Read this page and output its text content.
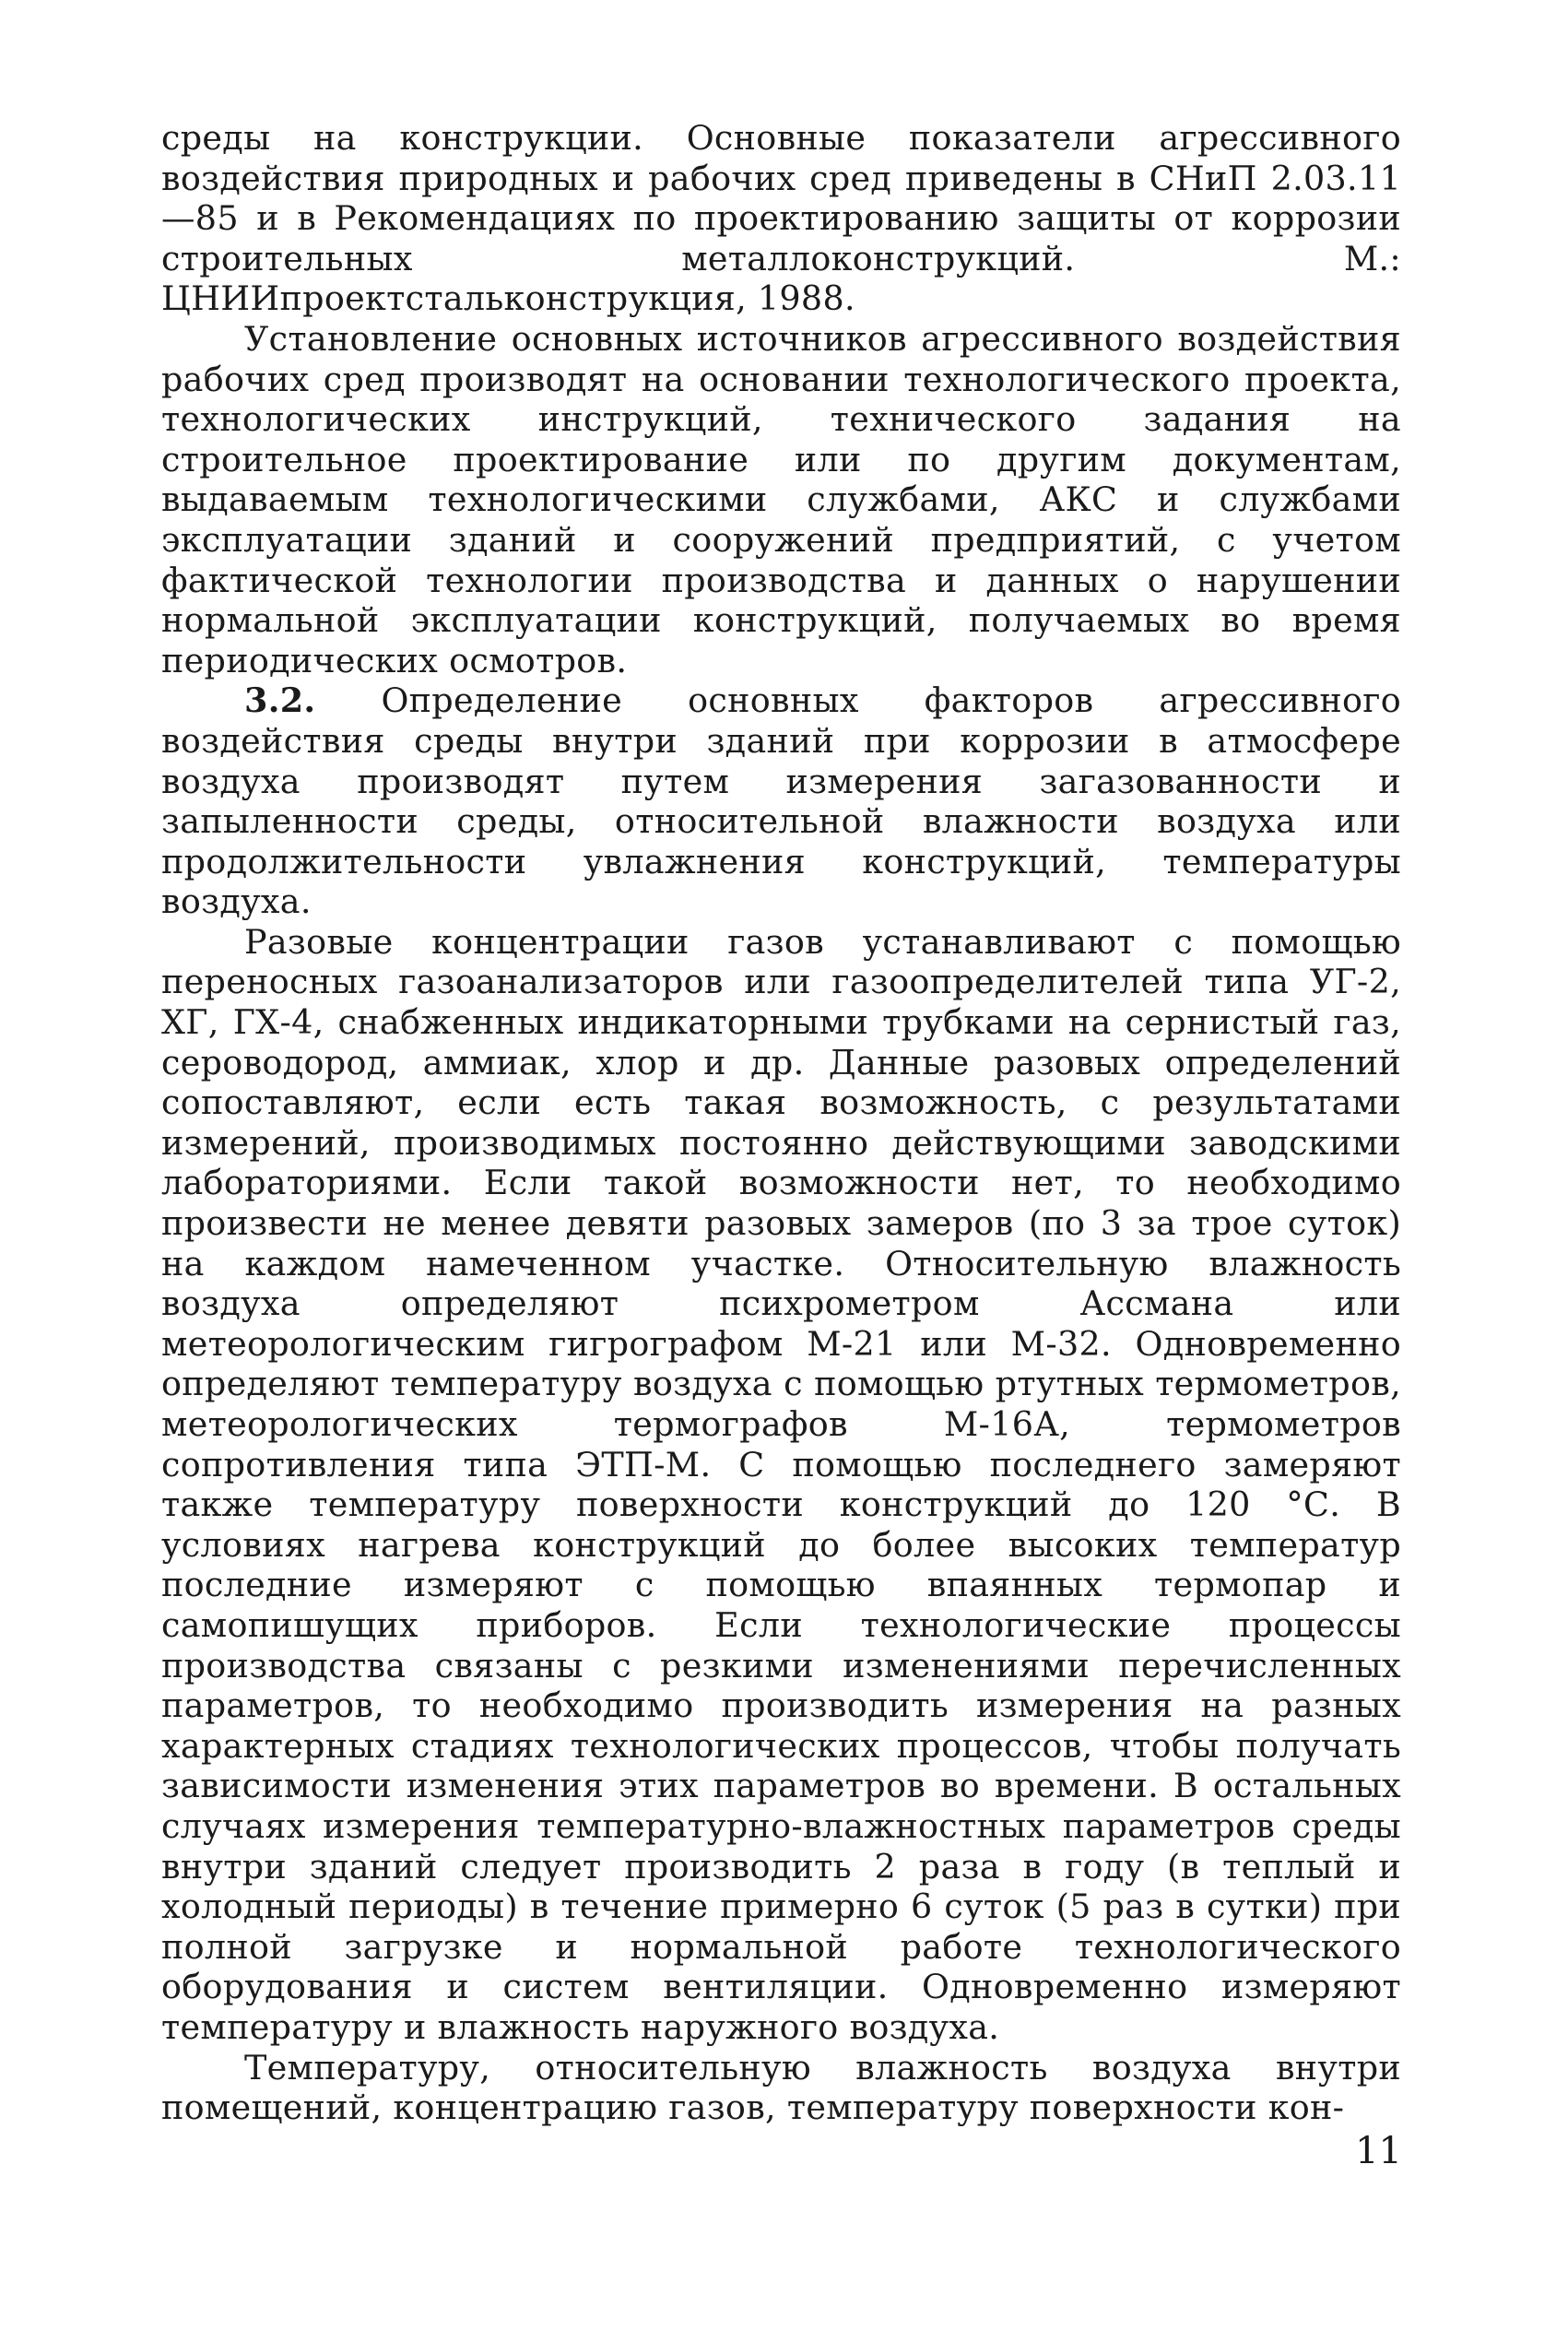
среды на конструкции. Основные показатели агрессивного воздействия природных и рабочих сред приведены в СНиП 2.03.11—85 и в Рекомендациях по проектированию защиты от коррозии строительных металлоконструкций. М.: ЦНИИпроектстальконструкция, 1988.

Установление основных источников агрессивного воздействия рабочих сред производят на основании технологического проекта, технологических инструкций, технического задания на строительное проектирование или по другим документам, выдаваемым технологическими службами, АКС и службами эксплуатации зданий и сооружений предприятий, с учетом фактической технологии производства и данных о нарушении нормальной эксплуатации конструкций, получаемых во время периодических осмотров.

3.2. Определение основных факторов агрессивного воздействия среды внутри зданий при коррозии в атмосфере воздуха производят путем измерения загазованности и запыленности среды, относительной влажности воздуха или продолжительности увлажнения конструкций, температуры воздуха.

Разовые концентрации газов устанавливают с помощью переносных газоанализаторов или газоопределителей типа УГ-2, ХГ, ГХ-4, снабженных индикаторными трубками на сернистый газ, сероводород, аммиак, хлор и др. Данные разовых определений сопоставляют, если есть такая возможность, с результатами измерений, производимых постоянно действующими заводскими лабораториями. Если такой возможности нет, то необходимо произвести не менее девяти разовых замеров (по 3 за трое суток) на каждом намеченном участке. Относительную влажность воздуха определяют психрометром Ассмана или метеорологическим гигрографом М-21 или М-32. Одновременно определяют температуру воздуха с помощью ртутных термометров, метеорологических термографов М-16А, термометров сопротивления типа ЭТП-М. С помощью последнего замеряют также температуру поверхности конструкций до 120 °С. В условиях нагрева конструкций до более высоких температур последние измеряют с помощью впаянных термопар и самопишущих приборов. Если технологические процессы производства связаны с резкими изменениями перечисленных параметров, то необходимо производить измерения на разных характерных стадиях технологических процессов, чтобы получать зависимости изменения этих параметров во времени. В остальных случаях измерения температурно-влажностных параметров среды внутри зданий следует производить 2 раза в году (в теплый и холодный периоды) в течение примерно 6 суток (5 раз в сутки) при полной загрузке и нормальной работе технологического оборудования и систем вентиляции. Одновременно измеряют температуру и влажность наружного воздуха.

Температуру, относительную влажность воздуха внутри помещений, концентрацию газов, температуру поверхности кон-

11
